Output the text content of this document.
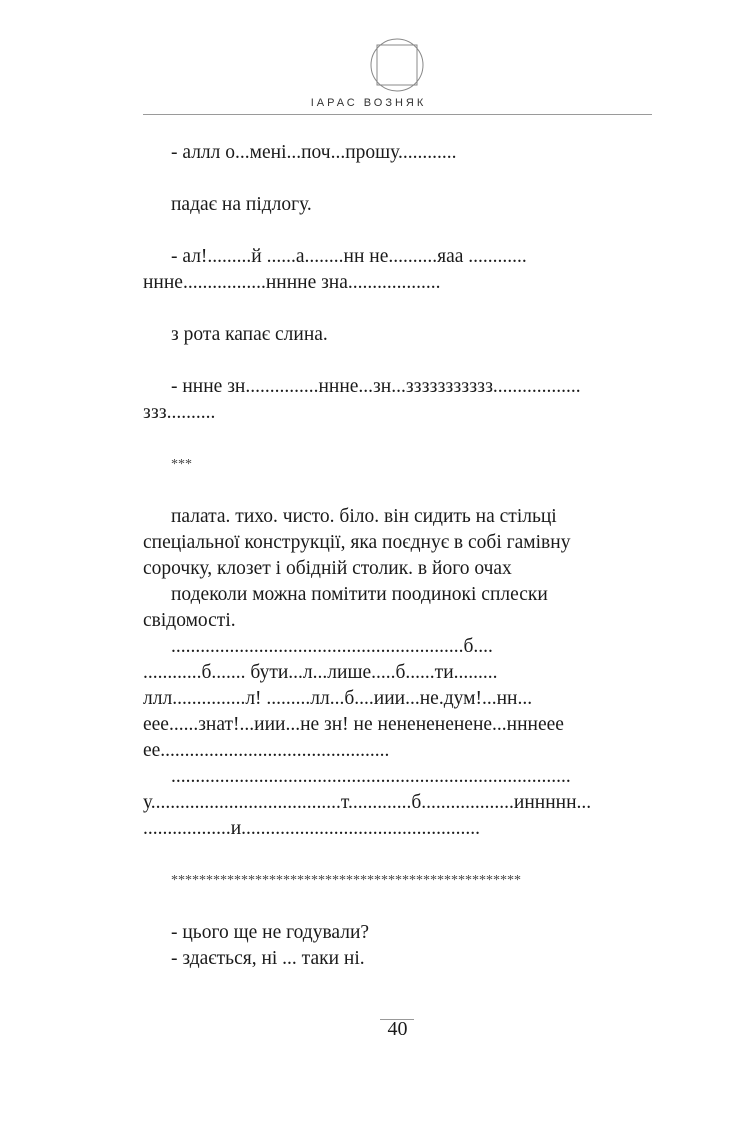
ІАРАС ВОЗНЯК
- аллл о...мені...поч...прошу............
падає на підлогу.
- ал!.........й ......а........нн не..........яаа ............
ннне.................нннне зна...................
з рота капає слина.
- ннне зн...............ннне...зн...ззззззззззз..................
ззз..........
***
палата. тихо. чисто. біло. він сидить на стільці
спеціальної конструкції, яка поєднує в собі гамівну
сорочку, клозет і обідній столик. в його очах
подеколи можна помітити поодинокі сплески
свідомості.
............................................................б....
............б....... бути...л...лише.....б......ти.........
ллл...............л! .........лл...б....иии...не.дум!...нн...
еее......знат!...иии...не зн! не нененененене...нннеее
ее...............................................
..................................................................................
у.......................................т.............б...................иннннн...
..................и.................................................
**************************************************
- цього ще не годували?
- здається, ні ... таки ні.
40
